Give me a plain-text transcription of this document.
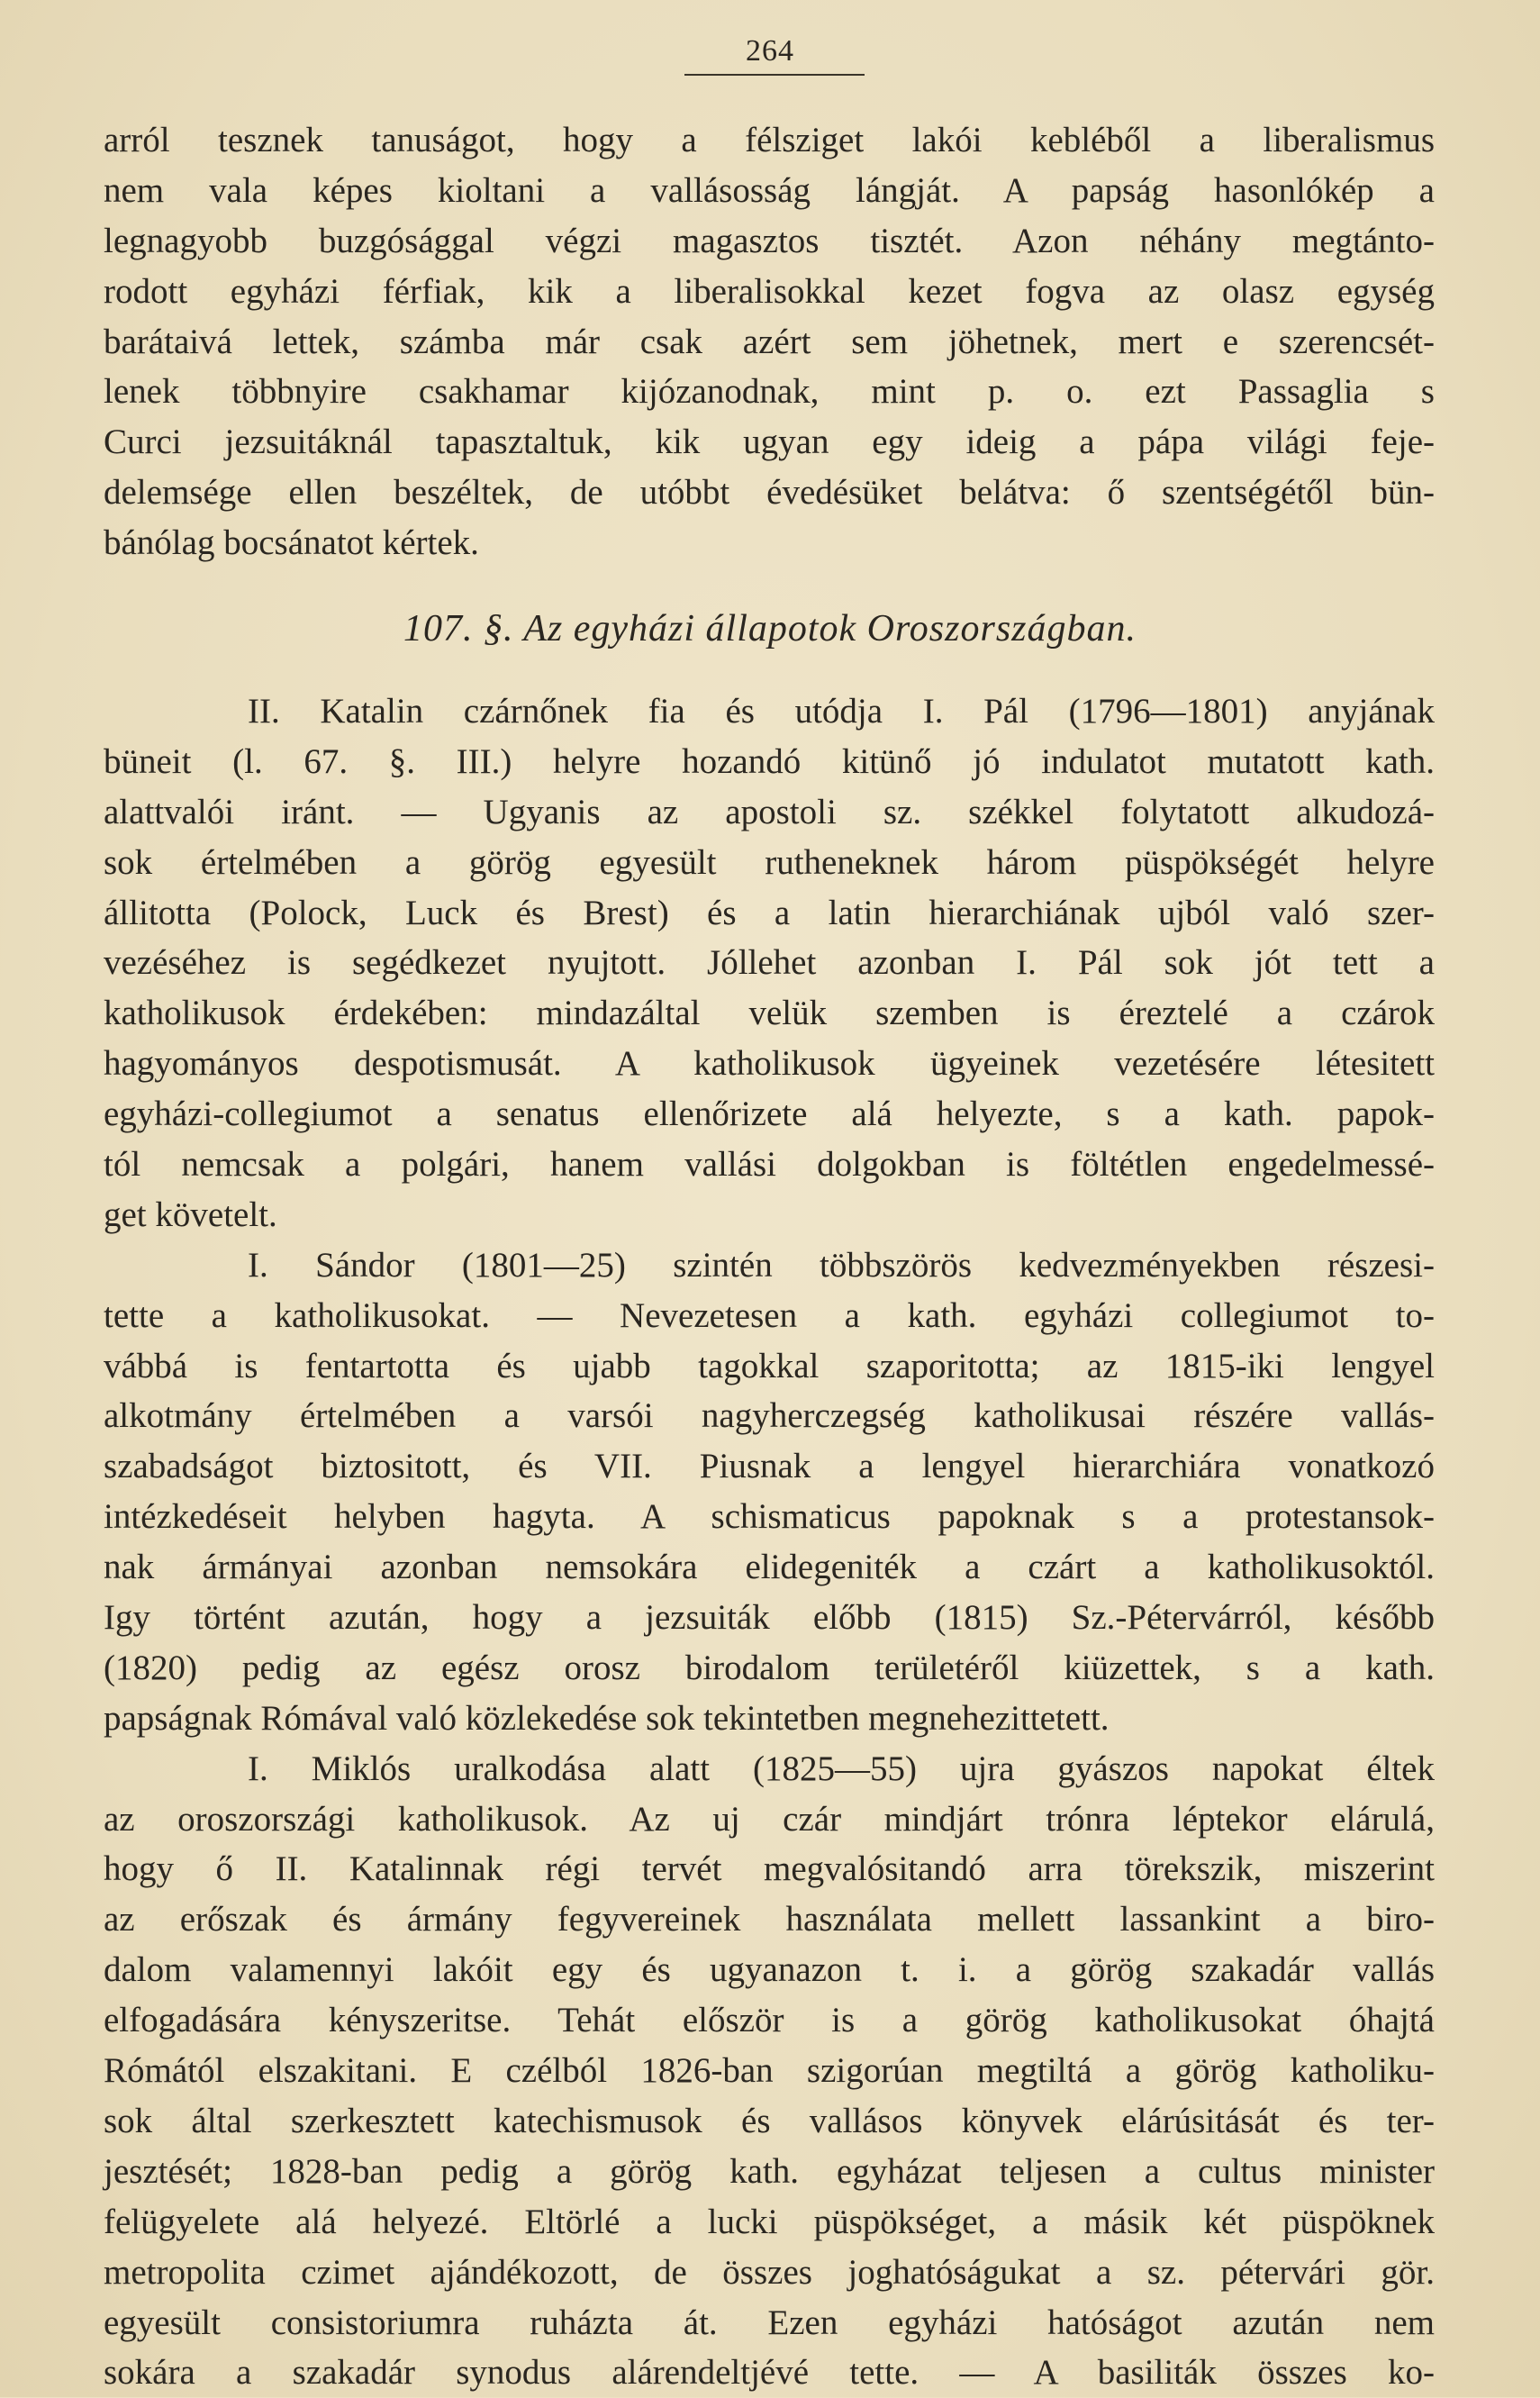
264
arról tesznek tanuságot, hogy a félsziget lakói kebléből a liberalismus
nem vala képes kioltani a vallásosság lángját. A papság hasonlókép a
legnagyobb buzgósággal végzi magasztos tisztét. Azon néhány megtánto-
rodott egyházi férfiak, kik a liberalisokkal kezet fogva az olasz egység
barátaivá lettek, számba már csak azért sem jöhetnek, mert e szerencsét-
lenek többnyire csakhamar kijózanodnak, mint p. o. ezt Passaglia s
Curci jezsuitáknál tapasztaltuk, kik ugyan egy ideig a pápa világi feje-
delemsége ellen beszéltek, de utóbbt évedésüket belátva: ő szentségétől bün-
bánólag bocsánatot kértek.
107. §. Az egyházi állapotok Oroszországban.
II. Katalin czárnőnek fia és utódja I. Pál (1796—1801) anyjának
büneit (l. 67. §. III.) helyre hozandó kitünő jó indulatot mutatott kath.
alattvalói iránt. — Ugyanis az apostoli sz. székkel folytatott alkudozá-
sok értelmében a görög egyesült rutheneknek három püspökségét helyre
állitotta (Polock, Luck és Brest) és a latin hierarchiának ujból való szer-
vezéséhez is segédkezet nyujtott. Jóllehet azonban I. Pál sok jót tett a
katholikusok érdekében: mindazáltal velük szemben is éreztelé a czárok
hagyományos despotismusát. A katholikusok ügyeinek vezetésére létesitett
egyházi-collegiumot a senatus ellenőrizete alá helyezte, s a kath. papok-
tól nemcsak a polgári, hanem vallási dolgokban is föltétlen engedelmessé-
get követelt.
I. Sándor (1801—25) szintén többszörös kedvezményekben részesi-
tette a katholikusokat. — Nevezetesen a kath. egyházi collegiumot to-
vábbá is fentartotta és ujabb tagokkal szaporitotta; az 1815-iki lengyel
alkotmány értelmében a varsói nagyherczegség katholikusai részére vallás-
szabadságot biztositott, és VII. Piusnak a lengyel hierarchiára vonatkozó
intézkedéseit helyben hagyta. A schismaticus papoknak s a protestansok-
nak ármányai azonban nemsokára elidegeniték a czárt a katholikusoktól.
Igy történt azután, hogy a jezsuiták előbb (1815) Sz.-Pétervárról, később
(1820) pedig az egész orosz birodalom területéről kiüzettek, s a kath.
papságnak Rómával való közlekedése sok tekintetben megnehezittetett.
I. Miklós uralkodása alatt (1825—55) ujra gyászos napokat éltek
az oroszországi katholikusok. Az uj czár mindjárt trónra léptekor elárulá,
hogy ő II. Katalinnak régi tervét megvalósitandó arra törekszik, miszerint
az erőszak és ármány fegyvereinek használata mellett lassankint a biro-
dalom valamennyi lakóit egy és ugyanazon t. i. a görög szakadár vallás
elfogadására kényszeritse. Tehát először is a görög katholikusokat óhajtá
Rómától elszakitani. E czélból 1826-ban szigorúan megtiltá a görög katholiku-
sok által szerkesztett katechismusok és vallásos könyvek elárúsitását és ter-
jesztését; 1828-ban pedig a görög kath. egyházat teljesen a cultus minister
felügyelete alá helyezé. Eltörlé a lucki püspökséget, a másik két püspöknek
metropolita czimet ajándékozott, de összes joghatóságukat a sz. pétervári gör.
egyesült consistoriumra ruházta át. Ezen egyházi hatóságot azután nem
sokára a szakadár synodus alárendeltjévé tette. — A basiliták összes ko-
